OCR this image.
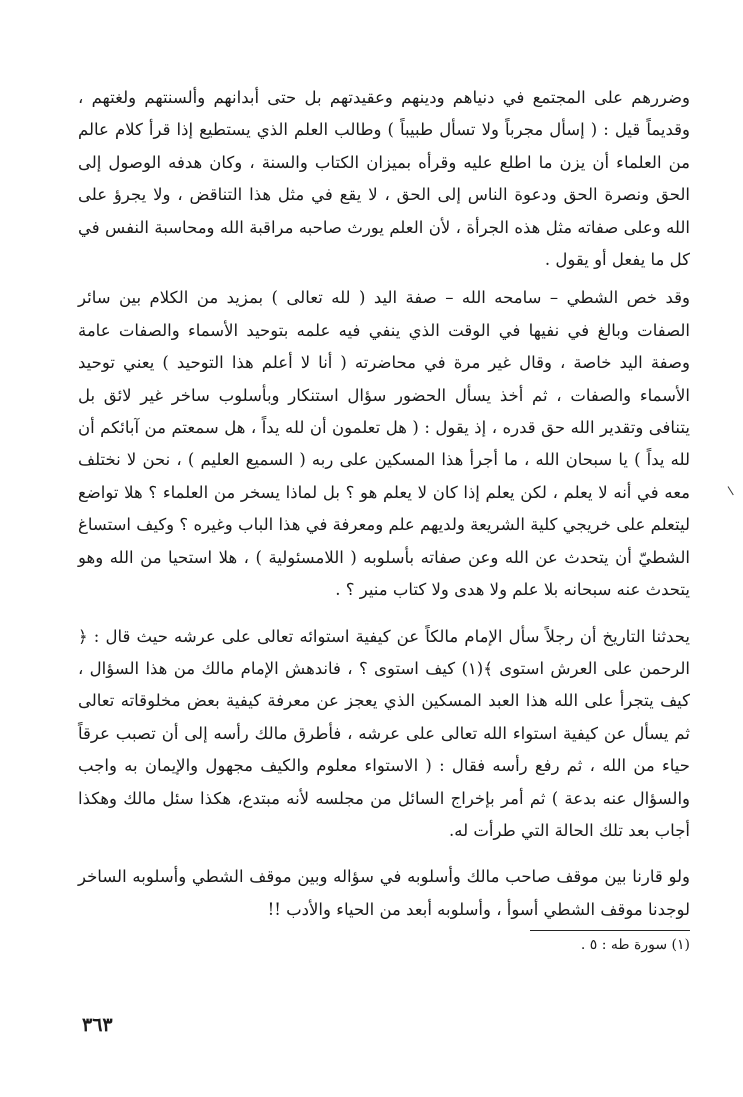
وضررهم على المجتمع في دنياهم ودينهم وعقيدتهم بل حتى أبدانهم وألسنتهم ولغتهم ، وقديماً قيل : ( إسأل مجرباً ولا تسأل طبيباً ) وطالب العلم الذي يستطيع إذا قرأ كلام عالم من العلماء أن يزن ما اطلع عليه وقرأه بميزان الكتاب والسنة ، وكان هدفه الوصول إلى الحق ونصرة الحق ودعوة الناس إلى الحق ، لا يقع في مثل هذا التناقض ، ولا يجرؤ على الله وعلى صفاته مثل هذه الجرأة ، لأن العلم يورث صاحبه مراقبة الله ومحاسبة النفس في كل ما يفعل أو يقول .

وقد خص الشطي – سامحه الله – صفة اليد ( لله تعالى ) بمزيد من الكلام بين سائر الصفات وبالغ في نفيها في الوقت الذي ينفي فيه علمه بتوحيد الأسماء والصفات عامة وصفة اليد خاصة ، وقال غير مرة في محاضرته ( أنا لا أعلم هذا التوحيد ) يعني توحيد الأسماء والصفات ، ثم أخذ يسأل الحضور سؤال استنكار وبأسلوب ساخر غير لائق بل يتنافى وتقدير الله حق قدره ، إذ يقول : ( هل تعلمون أن لله يداً ، هل سمعتم من آبائكم أن لله يداً ) يا سبحان الله ، ما أجرأ هذا المسكين على ربه ( السميع العليم ) ، نحن لا نختلف معه في أنه لا يعلم ، لكن يعلم إذا كان لا يعلم هو ؟ بل لماذا يسخر من العلماء ؟ هلا تواضع ليتعلم على خريجي كلية الشريعة ولديهم علم ومعرفة في هذا الباب وغيره ؟ وكيف استساغ الشطيّ أن يتحدث عن الله وعن صفاته بأسلوبه ( اللامسئولية ) ، هلا استحيا من الله وهو يتحدث عنه سبحانه بلا علم ولا هدى ولا كتاب منير ؟ .

يحدثنا التاريخ أن رجلاً سأل الإمام مالكاً عن كيفية استوائه تعالى على عرشه حيث قال : ﴿ الرحمن على العرش استوى ﴾(١) كيف استوى ؟ ، فاندهش الإمام مالك من هذا السؤال ، كيف يتجرأ على الله هذا العبد المسكين الذي يعجز عن معرفة كيفية بعض مخلوقاته تعالى ثم يسأل عن كيفية استواء الله تعالى على عرشه ، فأطرق مالك رأسه إلى أن تصبب عرقاً حياء من الله ، ثم رفع رأسه فقال : ( الاستواء معلوم والكيف مجهول والإيمان به واجب والسؤال عنه بدعة ) ثم أمر بإخراج السائل من مجلسه لأنه مبتدع، هكذا سئل مالك وهكذا أجاب بعد تلك الحالة التي طرأت له.

ولو قارنا بين موقف صاحب مالك وأسلوبه في سؤاله وبين موقف الشطي وأسلوبه الساخر لوجدنا موقف الشطي أسوأ ، وأسلوبه أبعد من الحياء والأدب !!

(١) سورة طه : ٥ .

٣٦٣
